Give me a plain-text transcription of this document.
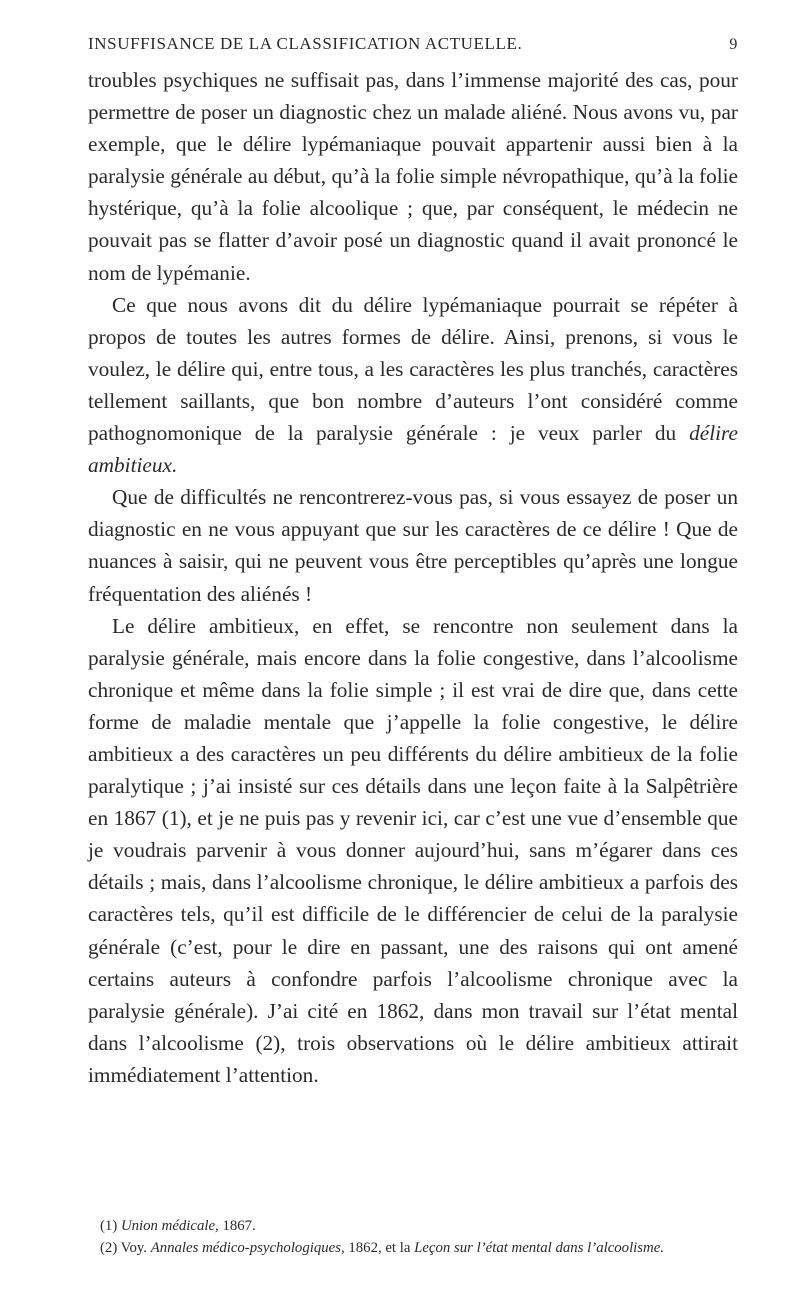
INSUFFISANCE DE LA CLASSIFICATION ACTUELLE.	9

troubles psychiques ne suffisait pas, dans l’immense majorité des cas, pour permettre de poser un diagnostic chez un malade aliéné. Nous avons vu, par exemple, que le délire lypémaniaque pouvait appartenir aussi bien à la paralysie générale au début, qu’à la folie simple névropathique, qu’à la folie hystérique, qu’à la folie alcoolique ; que, par conséquent, le médecin ne pouvait pas se flatter d’avoir posé un diagnostic quand il avait prononcé le nom de lypémanie.

Ce que nous avons dit du délire lypémaniaque pourrait se répéter à propos de toutes les autres formes de délire. Ainsi, prenons, si vous le voulez, le délire qui, entre tous, a les caractères les plus tranchés, caractères tellement saillants, que bon nombre d’auteurs l’ont considéré comme pathognomonique de la paralysie générale : je veux parler du délire ambitieux.

Que de difficultés ne rencontrerez-vous pas, si vous essayez de poser un diagnostic en ne vous appuyant que sur les caractères de ce délire ! Que de nuances à saisir, qui ne peuvent vous être perceptibles qu’après une longue fréquentation des aliénés !

Le délire ambitieux, en effet, se rencontre non seulement dans la paralysie générale, mais encore dans la folie congestive, dans l’alcoolisme chronique et même dans la folie simple ; il est vrai de dire que, dans cette forme de maladie mentale que j’appelle la folie congestive, le délire ambitieux a des caractères un peu différents du délire ambitieux de la folie paralytique ; j’ai insisté sur ces détails dans une leçon faite à la Salpêtrière en 1867 (1), et je ne puis pas y revenir ici, car c’est une vue d’ensemble que je voudrais parvenir à vous donner aujourd’hui, sans m’égarer dans ces détails ; mais, dans l’alcoolisme chronique, le délire ambitieux a parfois des caractères tels, qu’il est difficile de le différencier de celui de la paralysie générale (c’est, pour le dire en passant, une des raisons qui ont amené certains auteurs à confondre parfois l’alcoolisme chronique avec la paralysie générale). J’ai cité en 1862, dans mon travail sur l’état mental dans l’alcoolisme (2), trois observations où le délire ambitieux attirait immédiatement l’attention.

(1) Union médicale, 1867.

(2) Voy. Annales médico-psychologiques, 1862, et la Leçon sur l’état mental dans l’alcoolisme.
